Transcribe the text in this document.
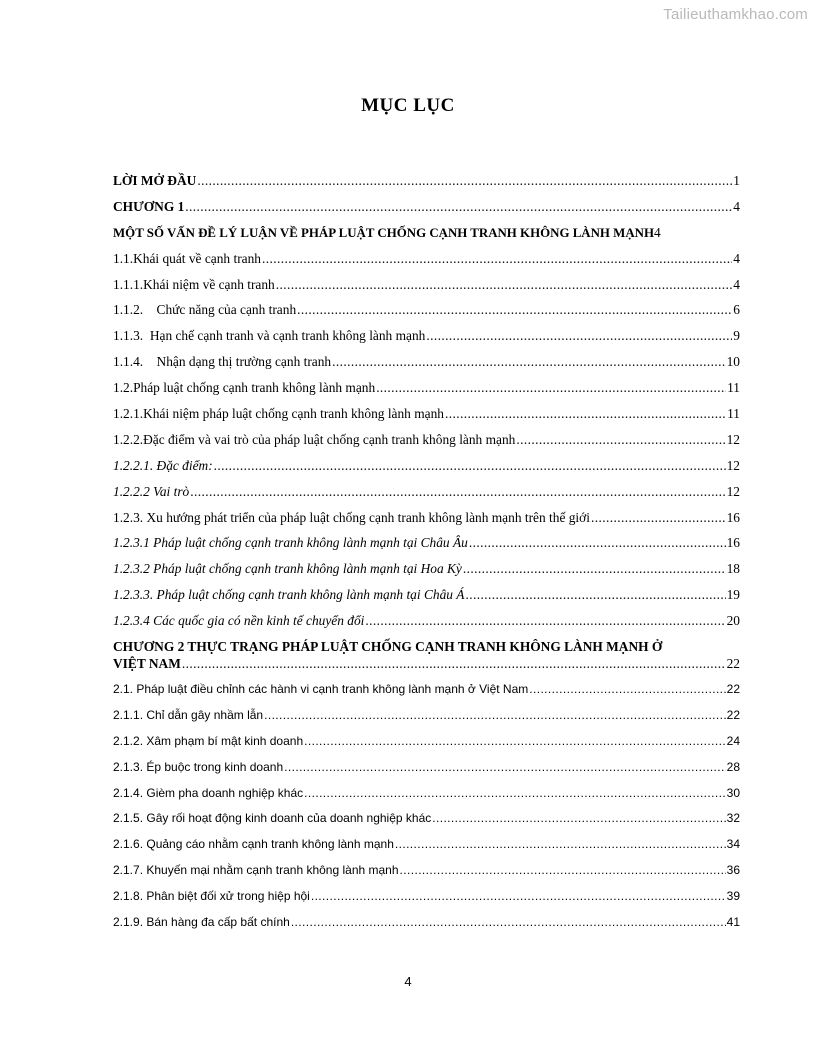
Tailieuthamkhao.com
MỤC LỤC
LỜI MỞ ĐẦU .....	1
CHƯƠNG 1 .....	4
MỘT SỐ VẤN ĐỀ LÝ LUẬN VỀ PHÁP LUẬT CHỐNG CẠNH TRANH KHÔNG LÀNH MẠNH 4
1.1.Khái quát về cạnh tranh .....	4
1.1.1.Khái niệm về cạnh tranh .....	4
1.1.2.    Chức năng của cạnh tranh .....	6
1.1.3.  Hạn chế cạnh tranh và cạnh tranh không lành mạnh .....	9
1.1.4.    Nhận dạng thị trường cạnh tranh .....	10
1.2.Pháp luật chống cạnh tranh không lành mạnh .....	11
1.2.1.Khái niệm pháp luật chống cạnh tranh không lành mạnh .....	11
1.2.2.Đặc điểm và vai trò của pháp luật chống cạnh tranh không lành mạnh .....	12
1.2.2.1. Đặc điểm: .....	12
1.2.2.2 Vai trò .....	12
1.2.3. Xu hướng phát triển của pháp luật chống cạnh tranh không lành mạnh trên thế giới .....	16
1.2.3.1 Pháp luật chống cạnh tranh không lành mạnh tại Châu Âu .....	16
1.2.3.2 Pháp luật chống cạnh tranh không lành mạnh tại Hoa Kỳ .....	18
1.2.3.3. Pháp luật chống cạnh tranh không lành mạnh tại Châu Á .....	19
1.2.3.4 Các quốc gia có nền kinh tế chuyển đổi .....	20
CHƯƠNG 2 THỰC TRẠNG PHÁP LUẬT CHỐNG CẠNH TRANH KHÔNG LÀNH MẠNH Ở
VIỆT NAM .....	22
2.1. Pháp luật điều chỉnh các hành vi cạnh tranh không lành mạnh ở Việt Nam .....	22
2.1.1. Chỉ dẫn gây nhầm lẫn .....	22
2.1.2. Xâm phạm bí mật kinh doanh .....	24
2.1.3. Ép buộc trong kinh doanh .....	28
2.1.4. Gièm pha doanh nghiệp khác .....	30
2.1.5. Gây rối hoạt động kinh doanh của doanh nghiệp khác .....	32
2.1.6. Quảng cáo nhằm cạnh tranh không lành mạnh .....	34
2.1.7. Khuyến mại nhằm cạnh tranh không lành mạnh .....	36
2.1.8. Phân biệt đối xử trong hiệp hội .....	39
2.1.9. Bán hàng đa cấp bất chính .....	41
4
